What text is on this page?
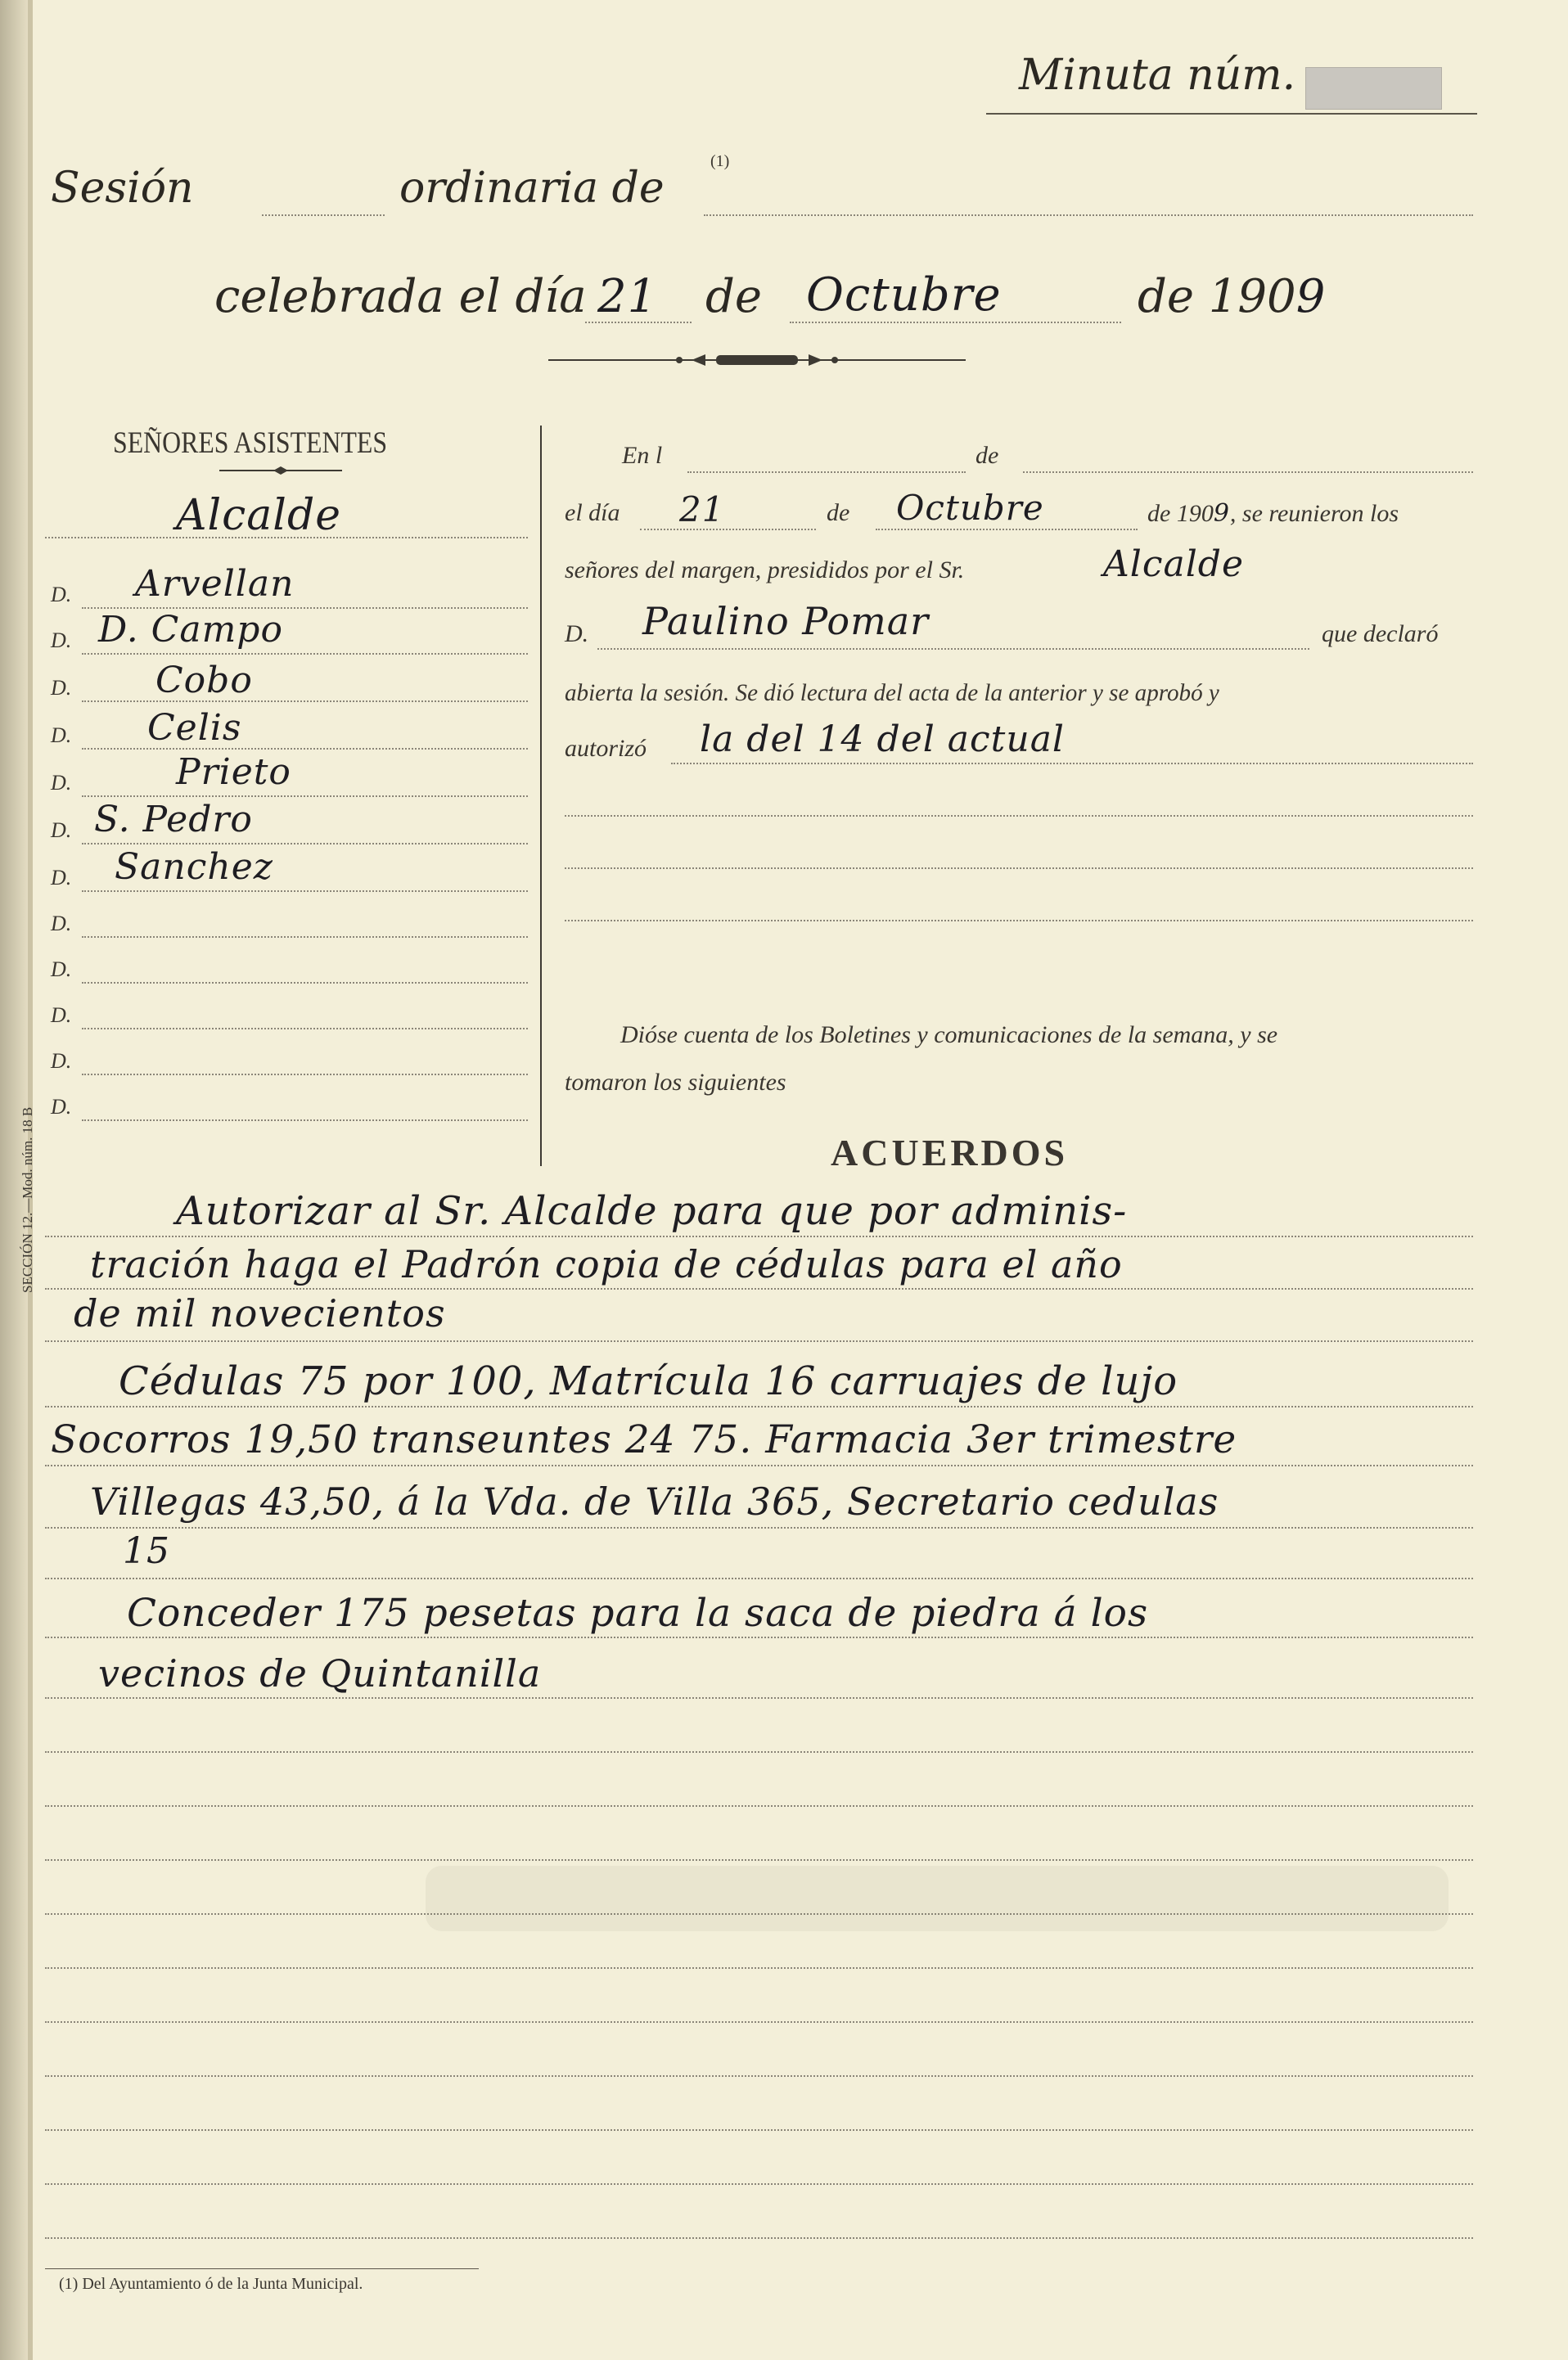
Minuta núm.
Sesión	ordinaria de
(1)
celebrada el día 21 de Octubre	de 1909
SEÑORES ASISTENTES
Alcalde
D. Arvellan
D. D. Campo
D. Cobo
D. Celis
D.	Prieto
D. S. Pedro
D. Sanchez
D.
D.
D.
D.
D.
En l	de
el día 21	de Octubre	de 1909, se reunieron los
señores del margen, presididos por el Sr.	Alcalde
D. Paulino Pomar	que declaró
abierta la sesión. Se dió lectura del acta de la anterior y se aprobó y
autorizó la del 14 del actual
Dióse cuenta de los Boletines y comunicaciones de la semana, y se
tomaron los siguientes
ACUERDOS
Autorizar al Sr. Alcalde para que por adminis-
tración haga el Padrón copia de cédulas para el año
de mil novecientos
Cédulas 75 por 100, Matrícula 16 carruajes de lujo
Socorros 19,50 transeuntes 24 75. Farmacia 3er trimestre
Villegas 43,50, á la Vda. de Villa 365, Secretario cedulas
15
Conceder 175 pesetas para la saca de piedra á los
vecinos de Quintanilla
(1) Del Ayuntamiento ó de la Junta Municipal.
SECCIÓN 12.—Mod. núm. 18 B
